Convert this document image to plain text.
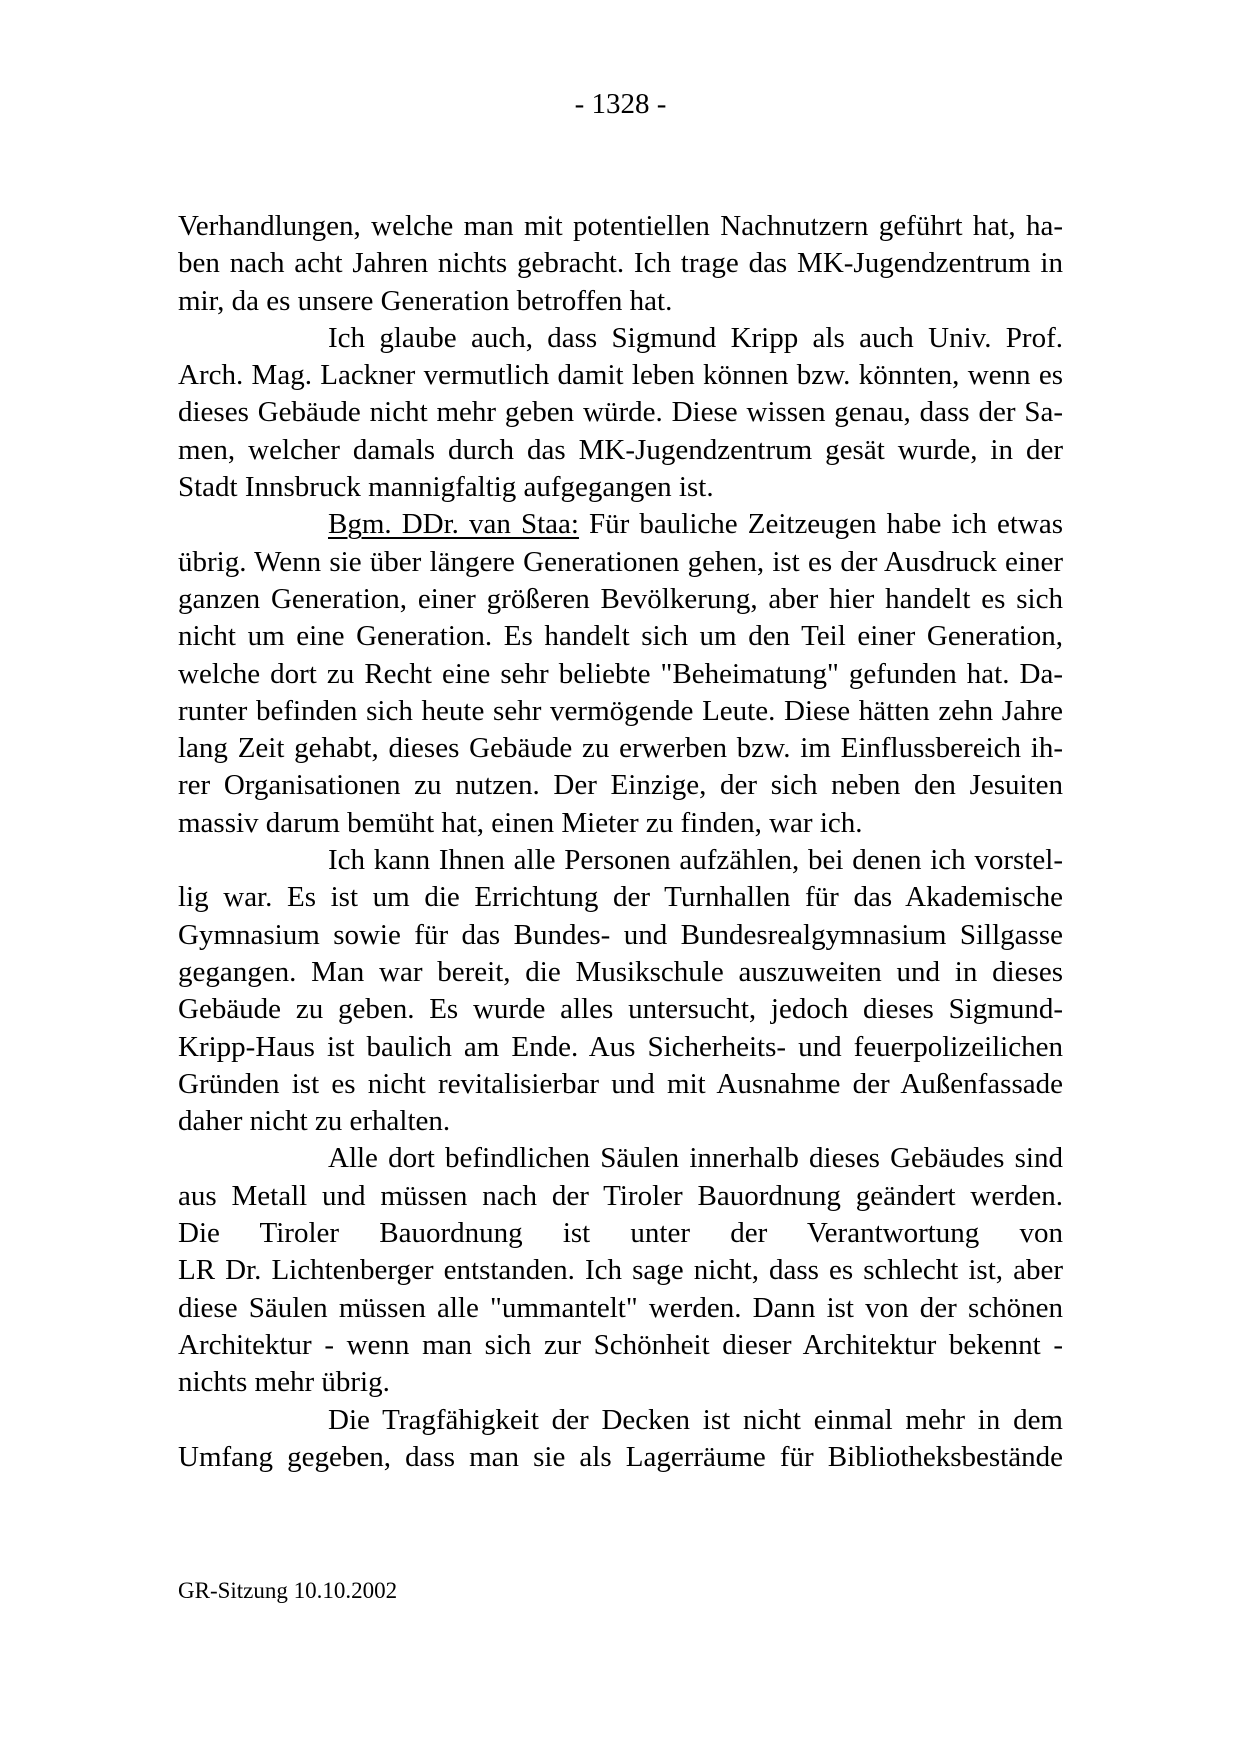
- 1328 -
Verhandlungen, welche man mit potentiellen Nachnutzern geführt hat, ha-
ben nach acht Jahren nichts gebracht. Ich trage das MK-Jugendzentrum in
mir, da es unsere Generation betroffen hat.
Ich glaube auch, dass Sigmund Kripp als auch Univ. Prof.
Arch. Mag. Lackner vermutlich damit leben können bzw. könnten, wenn es
dieses Gebäude nicht mehr geben würde. Diese wissen genau, dass der Sa-
men, welcher damals durch das MK-Jugendzentrum gesät wurde, in der
Stadt Innsbruck mannigfaltig aufgegangen ist.
Bgm. DDr. van Staa: Für bauliche Zeitzeugen habe ich etwas
übrig. Wenn sie über längere Generationen gehen, ist es der Ausdruck einer
ganzen Generation, einer größeren Bevölkerung, aber hier handelt es sich
nicht um eine Generation. Es handelt sich um den Teil einer Generation,
welche dort zu Recht eine sehr beliebte "Beheimatung" gefunden hat. Da-
runter befinden sich heute sehr vermögende Leute. Diese hätten zehn Jahre
lang Zeit gehabt, dieses Gebäude zu erwerben bzw. im Einflussbereich ih-
rer Organisationen zu nutzen. Der Einzige, der sich neben den Jesuiten
massiv darum bemüht hat, einen Mieter zu finden, war ich.
Ich kann Ihnen alle Personen aufzählen, bei denen ich vorstel-
lig war. Es ist um die Errichtung der Turnhallen für das Akademische
Gymnasium sowie für das Bundes- und Bundesrealgymnasium Sillgasse
gegangen. Man war bereit, die Musikschule auszuweiten und in dieses
Gebäude zu geben. Es wurde alles untersucht, jedoch dieses Sigmund-
Kripp-Haus ist baulich am Ende. Aus Sicherheits- und feuerpolizeilichen
Gründen ist es nicht revitalisierbar und mit Ausnahme der Außenfassade
daher nicht zu erhalten.
Alle dort befindlichen Säulen innerhalb dieses Gebäudes sind
aus Metall und müssen nach der Tiroler Bauordnung geändert werden.
Die Tiroler Bauordnung ist unter der Verantwortung von
LR Dr. Lichtenberger entstanden. Ich sage nicht, dass es schlecht ist, aber
diese Säulen müssen alle "ummantelt" werden. Dann ist von der schönen
Architektur - wenn man sich zur Schönheit dieser Architektur bekennt -
nichts mehr übrig.
Die Tragfähigkeit der Decken ist nicht einmal mehr in dem
Umfang gegeben, dass man sie als Lagerräume für Bibliotheksbestände
GR-Sitzung 10.10.2002
